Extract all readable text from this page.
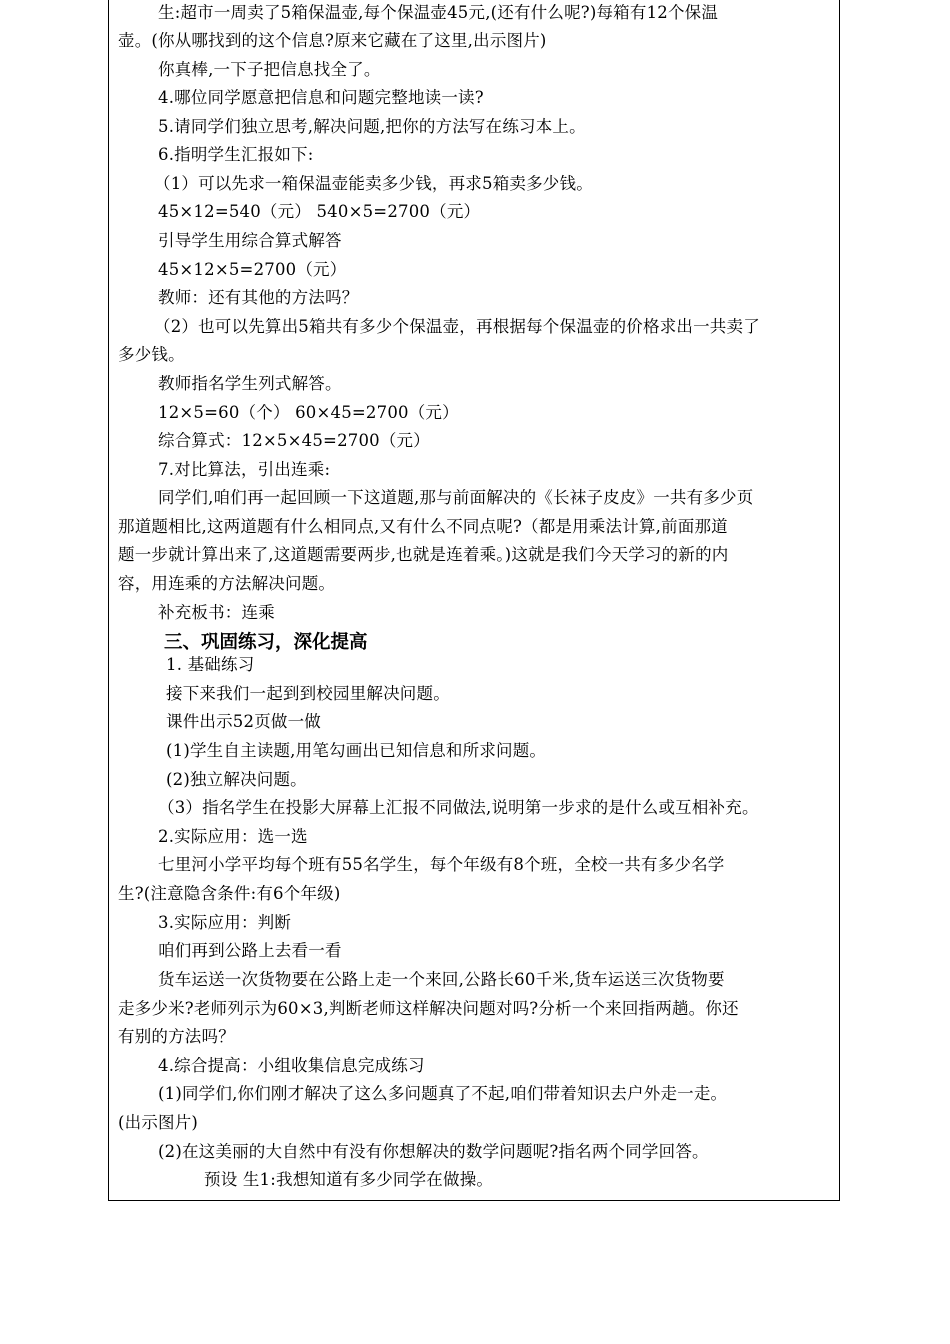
生:超市一周卖了5箱保温壶,每个保温壶45元,(还有什么呢?)每箱有12个保温
壶。(你从哪找到的这个信息?原来它藏在了这里,出示图片)
你真棒,一下子把信息找全了。
4.哪位同学愿意把信息和问题完整地读一读?
5.请同学们独立思考,解决问题,把你的方法写在练习本上。
6.指明学生汇报如下:
（1）可以先求一箱保温壶能卖多少钱，再求5箱卖多少钱。
45×12=540（元） 540×5=2700（元）
引导学生用综合算式解答
45×12×5=2700（元）
教师：还有其他的方法吗？
（2）也可以先算出5箱共有多少个保温壶，再根据每个保温壶的价格求出一共卖了
多少钱。
教师指名学生列式解答。
12×5=60（个） 60×45=2700（元）
综合算式：12×5×45=2700（元）
7.对比算法，引出连乘:
同学们,咱们再一起回顾一下这道题,那与前面解决的《长袜子皮皮》一共有多少页
那道题相比,这两道题有什么相同点,又有什么不同点呢?（都是用乘法计算,前面那道
题一步就计算出来了,这道题需要两步,也就是连着乘。)这就是我们今天学习的新的内
容，用连乘的方法解决问题。
补充板书：连乘
三、巩固练习，深化提高
1. 基础练习
接下来我们一起到到校园里解决问题。
课件出示52页做一做
(1)学生自主读题,用笔勾画出已知信息和所求问题。
(2)独立解决问题。
（3）指名学生在投影大屏幕上汇报不同做法,说明第一步求的是什么或互相补充。
2.实际应用：选一选
七里河小学平均每个班有55名学生，每个年级有8个班，全校一共有多少名学
生?(注意隐含条件:有6个年级)
3.实际应用：判断
咱们再到公路上去看一看
货车运送一次货物要在公路上走一个来回,公路长60千米,货车运送三次货物要
走多少米?老师列示为60×3,判断老师这样解决问题对吗?分析一个来回指两趟。你还
有别的方法吗？
4.综合提高：小组收集信息完成练习
(1)同学们,你们刚才解决了这么多问题真了不起,咱们带着知识去户外走一走。
(出示图片)
(2)在这美丽的大自然中有没有你想解决的数学问题呢?指名两个同学回答。
预设 生1:我想知道有多少同学在做操。
